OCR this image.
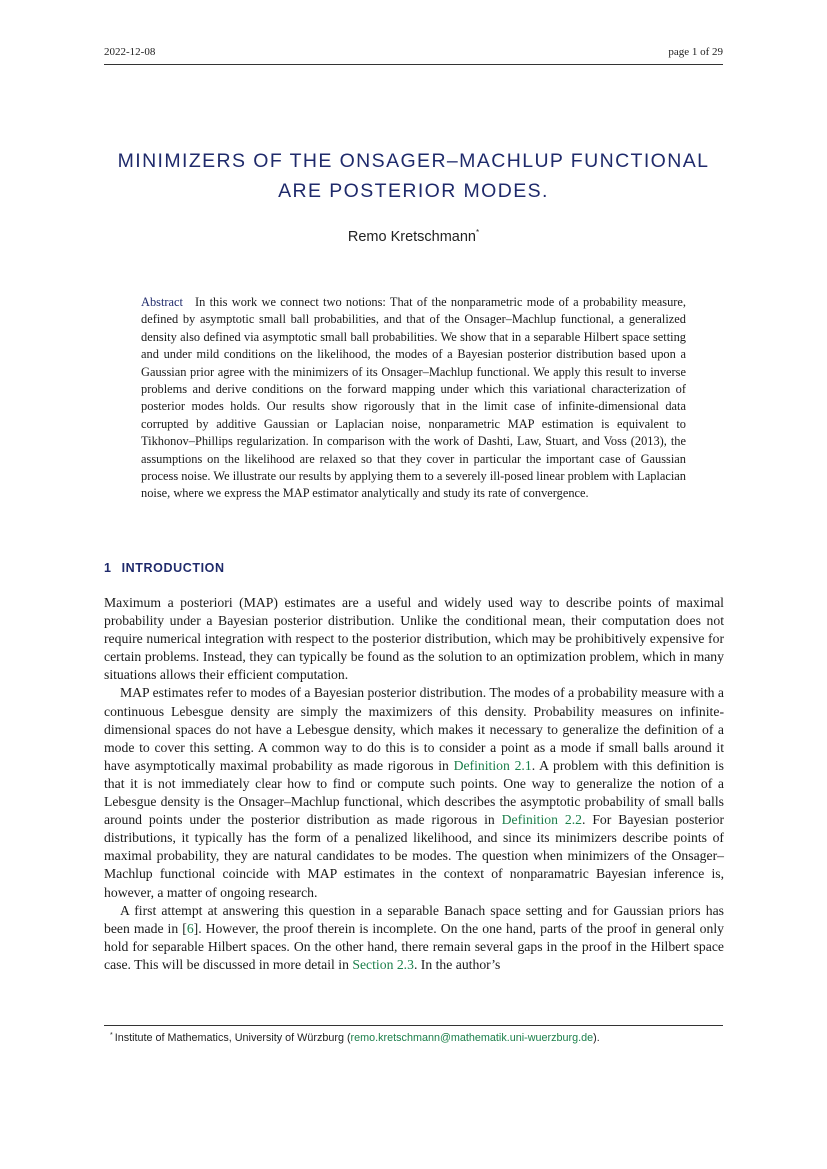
2022-12-08	page 1 of 29
MINIMIZERS OF THE ONSAGER–MACHLUP FUNCTIONAL
ARE POSTERIOR MODES.
Remo Kretschmann*
Abstract In this work we connect two notions: That of the nonparametric mode of a probability measure, defined by asymptotic small ball probabilities, and that of the Onsager–Machlup functional, a generalized density also defined via asymptotic small ball probabilities. We show that in a separable Hilbert space setting and under mild conditions on the likelihood, the modes of a Bayesian posterior distribution based upon a Gaussian prior agree with the minimizers of its Onsager–Machlup functional. We apply this result to inverse problems and derive conditions on the forward mapping under which this variational characterization of posterior modes holds. Our results show rigorously that in the limit case of infinite-dimensional data corrupted by additive Gaussian or Laplacian noise, nonparametric MAP estimation is equivalent to Tikhonov–Phillips regularization. In comparison with the work of Dashti, Law, Stuart, and Voss (2013), the assumptions on the likelihood are relaxed so that they cover in particular the important case of Gaussian process noise. We illustrate our results by applying them to a severely ill-posed linear problem with Laplacian noise, where we express the MAP estimator analytically and study its rate of convergence.
1 INTRODUCTION

Maximum a posteriori (MAP) estimates are a useful and widely used way to describe points of maximal probability under a Bayesian posterior distribution. Unlike the conditional mean, their computation does not require numerical integration with respect to the posterior distribution, which may be prohibitively expensive for certain problems. Instead, they can typically be found as the solution to an optimization problem, which in many situations allows their efficient computation.

MAP estimates refer to modes of a Bayesian posterior distribution. The modes of a probability measure with a continuous Lebesgue density are simply the maximizers of this density. Probability measures on infinite-dimensional spaces do not have a Lebesgue density, which makes it necessary to generalize the definition of a mode to cover this setting. A common way to do this is to consider a point as a mode if small balls around it have asymptotically maximal probability as made rigorous in Definition 2.1. A problem with this definition is that it is not immediately clear how to find or compute such points. One way to generalize the notion of a Lebesgue density is the Onsager–Machlup functional, which describes the asymptotic probability of small balls around points under the posterior distribution as made rigorous in Definition 2.2. For Bayesian posterior distributions, it typically has the form of a penalized likelihood, and since its minimizers describe points of maximal probability, they are natural candidates to be modes. The question when minimizers of the Onsager–Machlup functional coincide with MAP estimates in the context of nonparamatric Bayesian inference is, however, a matter of ongoing research.

A first attempt at answering this question in a separable Banach space setting and for Gaussian priors has been made in [6]. However, the proof therein is incomplete. On the one hand, parts of the proof in general only hold for separable Hilbert spaces. On the other hand, there remain several gaps in the proof in the Hilbert space case. This will be discussed in more detail in Section 2.3. In the author’s

* Institute of Mathematics, University of Würzburg (remo.kretschmann@mathematik.uni-wuerzburg.de).
